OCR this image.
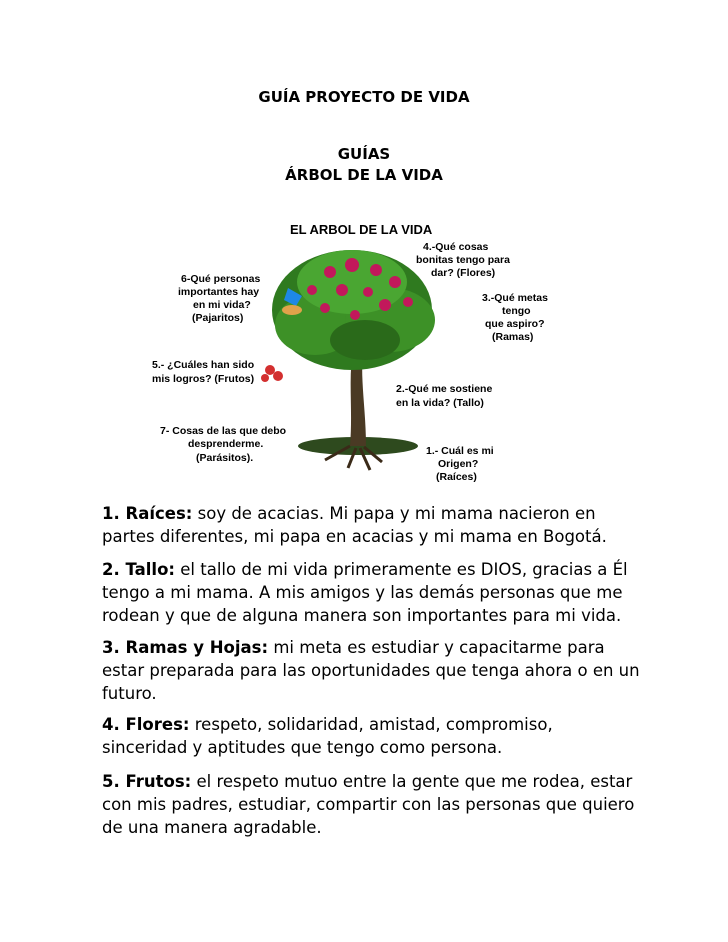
GUÍA PROYECTO DE VIDA
GUÍAS
ÁRBOL DE LA VIDA
EL ARBOL DE LA VIDA
4.-Qué cosas
bonitas tengo para
dar? (Flores)
6-Qué personas
importantes hay
en mi vida?
(Pajaritos)
3.-Qué metas
tengo
que aspiro?
(Ramas)
5.- ¿Cuáles han sido
mis logros? (Frutos)
2.-Qué me sostiene
en la vida? (Tallo)
7- Cosas de las que debo
desprenderme.
(Parásitos).
1.- Cuál es mi
Origen?
(Raíces)
1. Raíces: soy de acacias. Mi papa y mi mama nacieron en partes diferentes, mi papa en acacias y mi mama en Bogotá.
2. Tallo: el tallo de mi vida primeramente es DIOS, gracias a Él tengo a mi mama. A mis amigos y las demás personas que me rodean y que de alguna manera son importantes para mi vida.
3. Ramas y Hojas: mi meta es estudiar y capacitarme para estar preparada para las oportunidades que tenga ahora o en un futuro.
4. Flores: respeto, solidaridad, amistad, compromiso, sinceridad y aptitudes que tengo como persona.
5. Frutos: el respeto mutuo entre la gente que me rodea, estar con mis padres, estudiar, compartir con las personas que quiero de una manera agradable.
